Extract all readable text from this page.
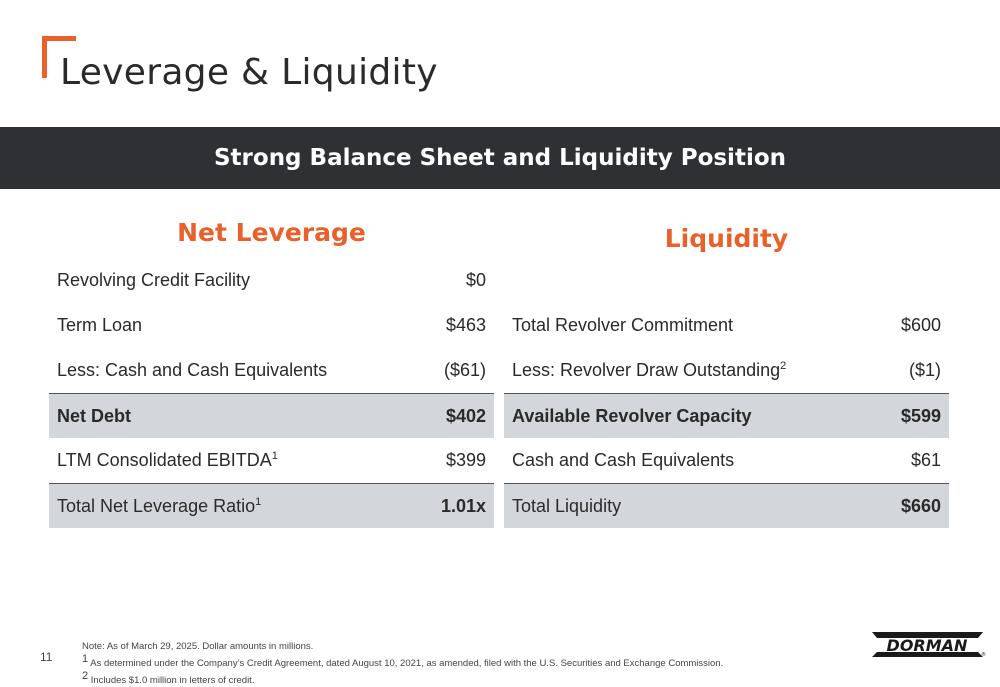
Leverage & Liquidity
Strong Balance Sheet and Liquidity Position
Net Leverage
Revolving Credit Facility	$0
Term Loan	$463
Less: Cash and Cash Equivalents	($61)
Net Debt	$402
LTM Consolidated EBITDA$^1$	$399
Total Net Leverage Ratio$^1$	1.01x
Liquidity
Total Revolver Commitment	$600
Less: Revolver Draw Outstanding$^2$	($1)
Available Revolver Capacity	$599
Cash and Cash Equivalents	$61
Total Liquidity	$660
11
Note: As of March 29, 2025. Dollar amounts in millions.
$^1$ As determined under the Company’s Credit Agreement, dated August 10, 2021, as amended, filed with the U.S. Securities and Exchange Commission.
$^2$ Includes $1.0 million in letters of credit.
DORMAN	®
